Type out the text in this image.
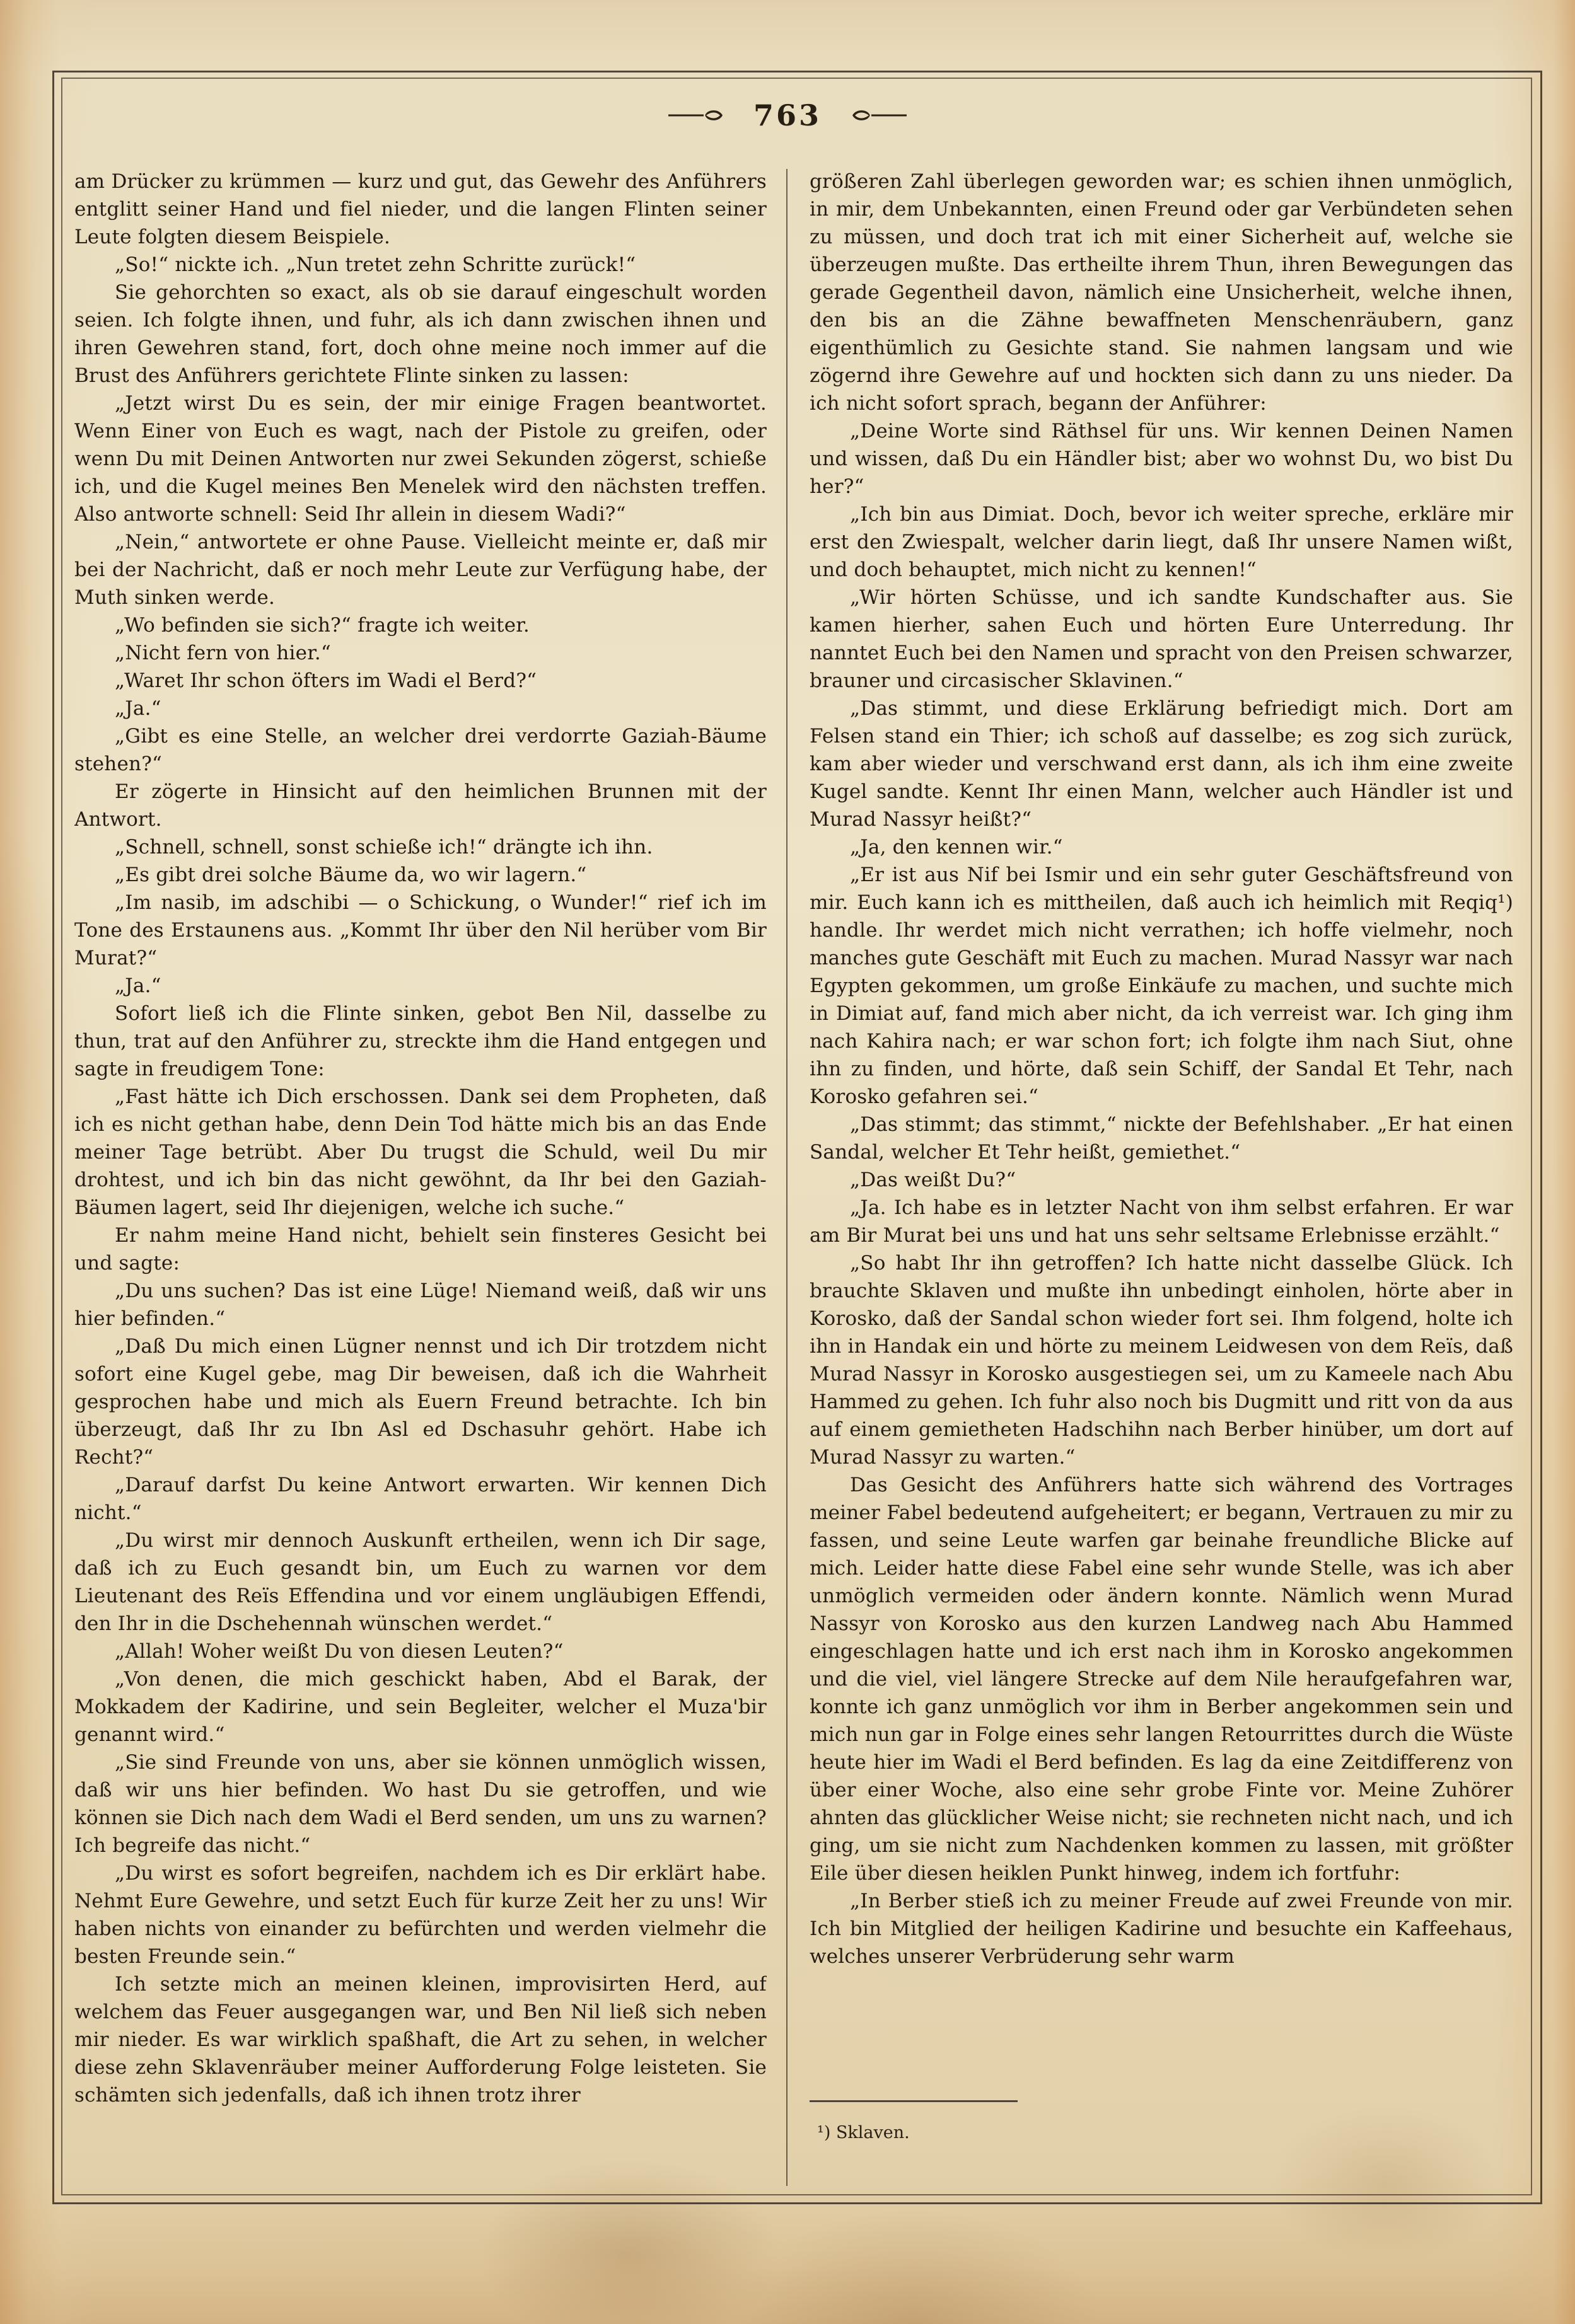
763

am Drücker zu krümmen — kurz und gut, das Gewehr des Anführers entglitt seiner Hand und fiel nieder, und die langen Flinten seiner Leute folgten diesem Beispiele.

„So!“ nickte ich. „Nun tretet zehn Schritte zurück!“

Sie gehorchten so exact, als ob sie darauf eingeschult worden seien. Ich folgte ihnen, und fuhr, als ich dann zwischen ihnen und ihren Gewehren stand, fort, doch ohne meine noch immer auf die Brust des Anführers gerichtete Flinte sinken zu lassen:

„Jetzt wirst Du es sein, der mir einige Fragen beantwortet. Wenn Einer von Euch es wagt, nach der Pistole zu greifen, oder wenn Du mit Deinen Antworten nur zwei Sekunden zögerst, schieße ich, und die Kugel meines Ben Menelek wird den nächsten treffen. Also antworte schnell: Seid Ihr allein in diesem Wadi?“

„Nein,“ antwortete er ohne Pause. Vielleicht meinte er, daß mir bei der Nachricht, daß er noch mehr Leute zur Verfügung habe, der Muth sinken werde.

„Wo befinden sie sich?“ fragte ich weiter.

„Nicht fern von hier.“

„Waret Ihr schon öfters im Wadi el Berd?“

„Ja.“

„Gibt es eine Stelle, an welcher drei verdorrte Gaziah-Bäume stehen?“

Er zögerte in Hinsicht auf den heimlichen Brunnen mit der Antwort.

„Schnell, schnell, sonst schieße ich!“ drängte ich ihn.

„Es gibt drei solche Bäume da, wo wir lagern.“

„Im nasib, im adschibi — o Schickung, o Wunder!“ rief ich im Tone des Erstaunens aus. „Kommt Ihr über den Nil herüber vom Bir Murat?“

„Ja.“

Sofort ließ ich die Flinte sinken, gebot Ben Nil, dasselbe zu thun, trat auf den Anführer zu, streckte ihm die Hand entgegen und sagte in freudigem Tone:

„Fast hätte ich Dich erschossen. Dank sei dem Propheten, daß ich es nicht gethan habe, denn Dein Tod hätte mich bis an das Ende meiner Tage betrübt. Aber Du trugst die Schuld, weil Du mir drohtest, und ich bin das nicht gewöhnt, da Ihr bei den Gaziah-Bäumen lagert, seid Ihr diejenigen, welche ich suche.“

Er nahm meine Hand nicht, behielt sein finsteres Gesicht bei und sagte:

„Du uns suchen? Das ist eine Lüge! Niemand weiß, daß wir uns hier befinden.“

„Daß Du mich einen Lügner nennst und ich Dir trotzdem nicht sofort eine Kugel gebe, mag Dir beweisen, daß ich die Wahrheit gesprochen habe und mich als Euern Freund betrachte. Ich bin überzeugt, daß Ihr zu Ibn Asl ed Dschasuhr gehört. Habe ich Recht?“

„Darauf darfst Du keine Antwort erwarten. Wir kennen Dich nicht.“

„Du wirst mir dennoch Auskunft ertheilen, wenn ich Dir sage, daß ich zu Euch gesandt bin, um Euch zu warnen vor dem Lieutenant des Reïs Effendina und vor einem ungläubigen Effendi, den Ihr in die Dschehennah wünschen werdet.“

„Allah! Woher weißt Du von diesen Leuten?“

„Von denen, die mich geschickt haben, Abd el Barak, der Mokkadem der Kadirine, und sein Begleiter, welcher el Muza'bir genannt wird.“

„Sie sind Freunde von uns, aber sie können unmöglich wissen, daß wir uns hier befinden. Wo hast Du sie getroffen, und wie können sie Dich nach dem Wadi el Berd senden, um uns zu warnen? Ich begreife das nicht.“

„Du wirst es sofort begreifen, nachdem ich es Dir erklärt habe. Nehmt Eure Gewehre, und setzt Euch für kurze Zeit her zu uns! Wir haben nichts von einander zu befürchten und werden vielmehr die besten Freunde sein.“

Ich setzte mich an meinen kleinen, improvisirten Herd, auf welchem das Feuer ausgegangen war, und Ben Nil ließ sich neben mir nieder. Es war wirklich spaßhaft, die Art zu sehen, in welcher diese zehn Sklavenräuber meiner Aufforderung Folge leisteten. Sie schämten sich jedenfalls, daß ich ihnen trotz ihrer

größeren Zahl überlegen geworden war; es schien ihnen unmöglich, in mir, dem Unbekannten, einen Freund oder gar Verbündeten sehen zu müssen, und doch trat ich mit einer Sicherheit auf, welche sie überzeugen mußte. Das ertheilte ihrem Thun, ihren Bewegungen das gerade Gegentheil davon, nämlich eine Unsicherheit, welche ihnen, den bis an die Zähne bewaffneten Menschenräubern, ganz eigenthümlich zu Gesichte stand. Sie nahmen langsam und wie zögernd ihre Gewehre auf und hockten sich dann zu uns nieder. Da ich nicht sofort sprach, begann der Anführer:

„Deine Worte sind Räthsel für uns. Wir kennen Deinen Namen und wissen, daß Du ein Händler bist; aber wo wohnst Du, wo bist Du her?“

„Ich bin aus Dimiat. Doch, bevor ich weiter spreche, erkläre mir erst den Zwiespalt, welcher darin liegt, daß Ihr unsere Namen wißt, und doch behauptet, mich nicht zu kennen!“

„Wir hörten Schüsse, und ich sandte Kundschafter aus. Sie kamen hierher, sahen Euch und hörten Eure Unterredung. Ihr nanntet Euch bei den Namen und spracht von den Preisen schwarzer, brauner und circasischer Sklavinen.“

„Das stimmt, und diese Erklärung befriedigt mich. Dort am Felsen stand ein Thier; ich schoß auf dasselbe; es zog sich zurück, kam aber wieder und verschwand erst dann, als ich ihm eine zweite Kugel sandte. Kennt Ihr einen Mann, welcher auch Händler ist und Murad Nassyr heißt?“

„Ja, den kennen wir.“

„Er ist aus Nif bei Ismir und ein sehr guter Geschäftsfreund von mir. Euch kann ich es mittheilen, daß auch ich heimlich mit Reqiq¹) handle. Ihr werdet mich nicht verrathen; ich hoffe vielmehr, noch manches gute Geschäft mit Euch zu machen. Murad Nassyr war nach Egypten gekommen, um große Einkäufe zu machen, und suchte mich in Dimiat auf, fand mich aber nicht, da ich verreist war. Ich ging ihm nach Kahira nach; er war schon fort; ich folgte ihm nach Siut, ohne ihn zu finden, und hörte, daß sein Schiff, der Sandal Et Tehr, nach Korosko gefahren sei.“

„Das stimmt; das stimmt,“ nickte der Befehlshaber. „Er hat einen Sandal, welcher Et Tehr heißt, gemiethet.“

„Das weißt Du?“

„Ja. Ich habe es in letzter Nacht von ihm selbst erfahren. Er war am Bir Murat bei uns und hat uns sehr seltsame Erlebnisse erzählt.“

„So habt Ihr ihn getroffen? Ich hatte nicht dasselbe Glück. Ich brauchte Sklaven und mußte ihn unbedingt einholen, hörte aber in Korosko, daß der Sandal schon wieder fort sei. Ihm folgend, holte ich ihn in Handak ein und hörte zu meinem Leidwesen von dem Reïs, daß Murad Nassyr in Korosko ausgestiegen sei, um zu Kameele nach Abu Hammed zu gehen. Ich fuhr also noch bis Dugmitt und ritt von da aus auf einem gemietheten Hadschihn nach Berber hinüber, um dort auf Murad Nassyr zu warten.“

Das Gesicht des Anführers hatte sich während des Vortrages meiner Fabel bedeutend aufgeheitert; er begann, Vertrauen zu mir zu fassen, und seine Leute warfen gar beinahe freundliche Blicke auf mich. Leider hatte diese Fabel eine sehr wunde Stelle, was ich aber unmöglich vermeiden oder ändern konnte. Nämlich wenn Murad Nassyr von Korosko aus den kurzen Landweg nach Abu Hammed eingeschlagen hatte und ich erst nach ihm in Korosko angekommen und die viel, viel längere Strecke auf dem Nile heraufgefahren war, konnte ich ganz unmöglich vor ihm in Berber angekommen sein und mich nun gar in Folge eines sehr langen Retourrittes durch die Wüste heute hier im Wadi el Berd befinden. Es lag da eine Zeitdifferenz von über einer Woche, also eine sehr grobe Finte vor. Meine Zuhörer ahnten das glücklicher Weise nicht; sie rechneten nicht nach, und ich ging, um sie nicht zum Nachdenken kommen zu lassen, mit größter Eile über diesen heiklen Punkt hinweg, indem ich fortfuhr:

„In Berber stieß ich zu meiner Freude auf zwei Freunde von mir. Ich bin Mitglied der heiligen Kadirine und besuchte ein Kaffeehaus, welches unserer Verbrüderung sehr warm

¹) Sklaven.
